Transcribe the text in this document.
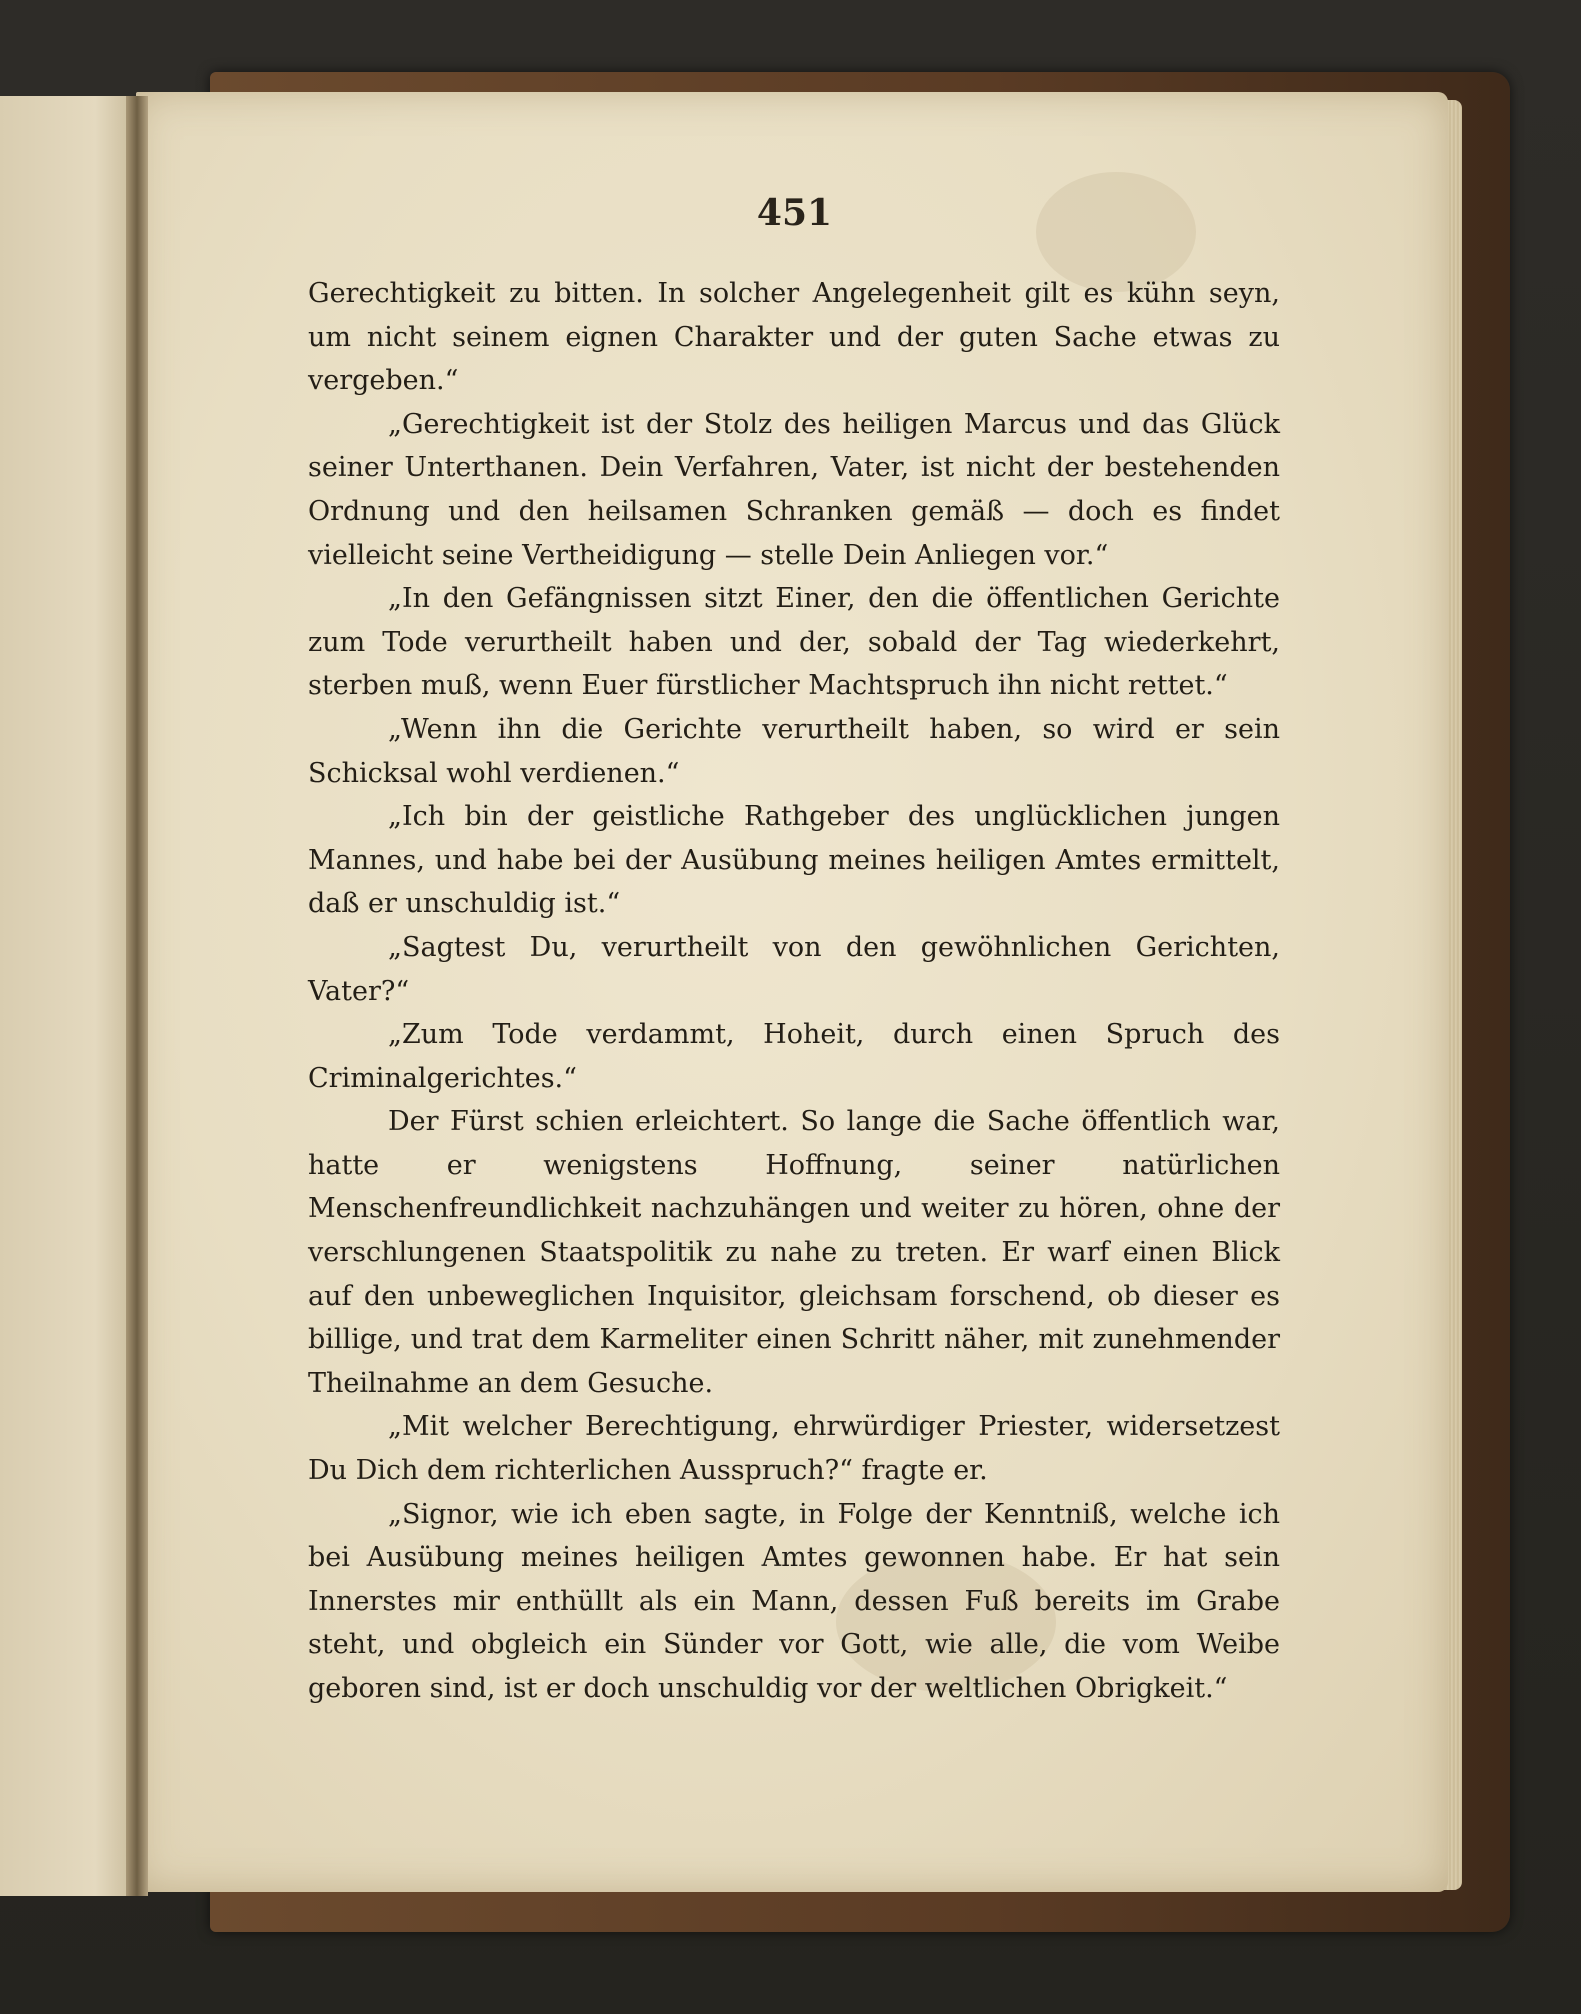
451

Gerechtigkeit zu bitten. In solcher Angelegenheit gilt es kühn seyn, um nicht seinem eignen Charakter und der guten Sache etwas zu vergeben.“

„Gerechtigkeit ist der Stolz des heiligen Marcus und das Glück seiner Unterthanen. Dein Verfahren, Vater, ist nicht der bestehenden Ordnung und den heilsamen Schranken gemäß — doch es findet vielleicht seine Vertheidigung — stelle Dein Anliegen vor.“

„In den Gefängnissen sitzt Einer, den die öffentlichen Gerichte zum Tode verurtheilt haben und der, sobald der Tag wiederkehrt, sterben muß, wenn Euer fürstlicher Machtspruch ihn nicht rettet.“

„Wenn ihn die Gerichte verurtheilt haben, so wird er sein Schicksal wohl verdienen.“

„Ich bin der geistliche Rathgeber des unglücklichen jungen Mannes, und habe bei der Ausübung meines heiligen Amtes ermittelt, daß er unschuldig ist.“

„Sagtest Du, verurtheilt von den gewöhnlichen Gerichten, Vater?“

„Zum Tode verdammt, Hoheit, durch einen Spruch des Criminalgerichtes.“

Der Fürst schien erleichtert. So lange die Sache öffentlich war, hatte er wenigstens Hoffnung, seiner natürlichen Menschenfreundlichkeit nachzuhängen und weiter zu hören, ohne der verschlungenen Staatspolitik zu nahe zu treten. Er warf einen Blick auf den unbeweglichen Inquisitor, gleichsam forschend, ob dieser es billige, und trat dem Karmeliter einen Schritt näher, mit zunehmender Theilnahme an dem Gesuche.

„Mit welcher Berechtigung, ehrwürdiger Priester, widersetzest Du Dich dem richterlichen Ausspruch?“ fragte er.

„Signor, wie ich eben sagte, in Folge der Kenntniß, welche ich bei Ausübung meines heiligen Amtes gewonnen habe. Er hat sein Innerstes mir enthüllt als ein Mann, dessen Fuß bereits im Grabe steht, und obgleich ein Sünder vor Gott, wie alle, die vom Weibe geboren sind, ist er doch unschuldig vor der weltlichen Obrigkeit.“
